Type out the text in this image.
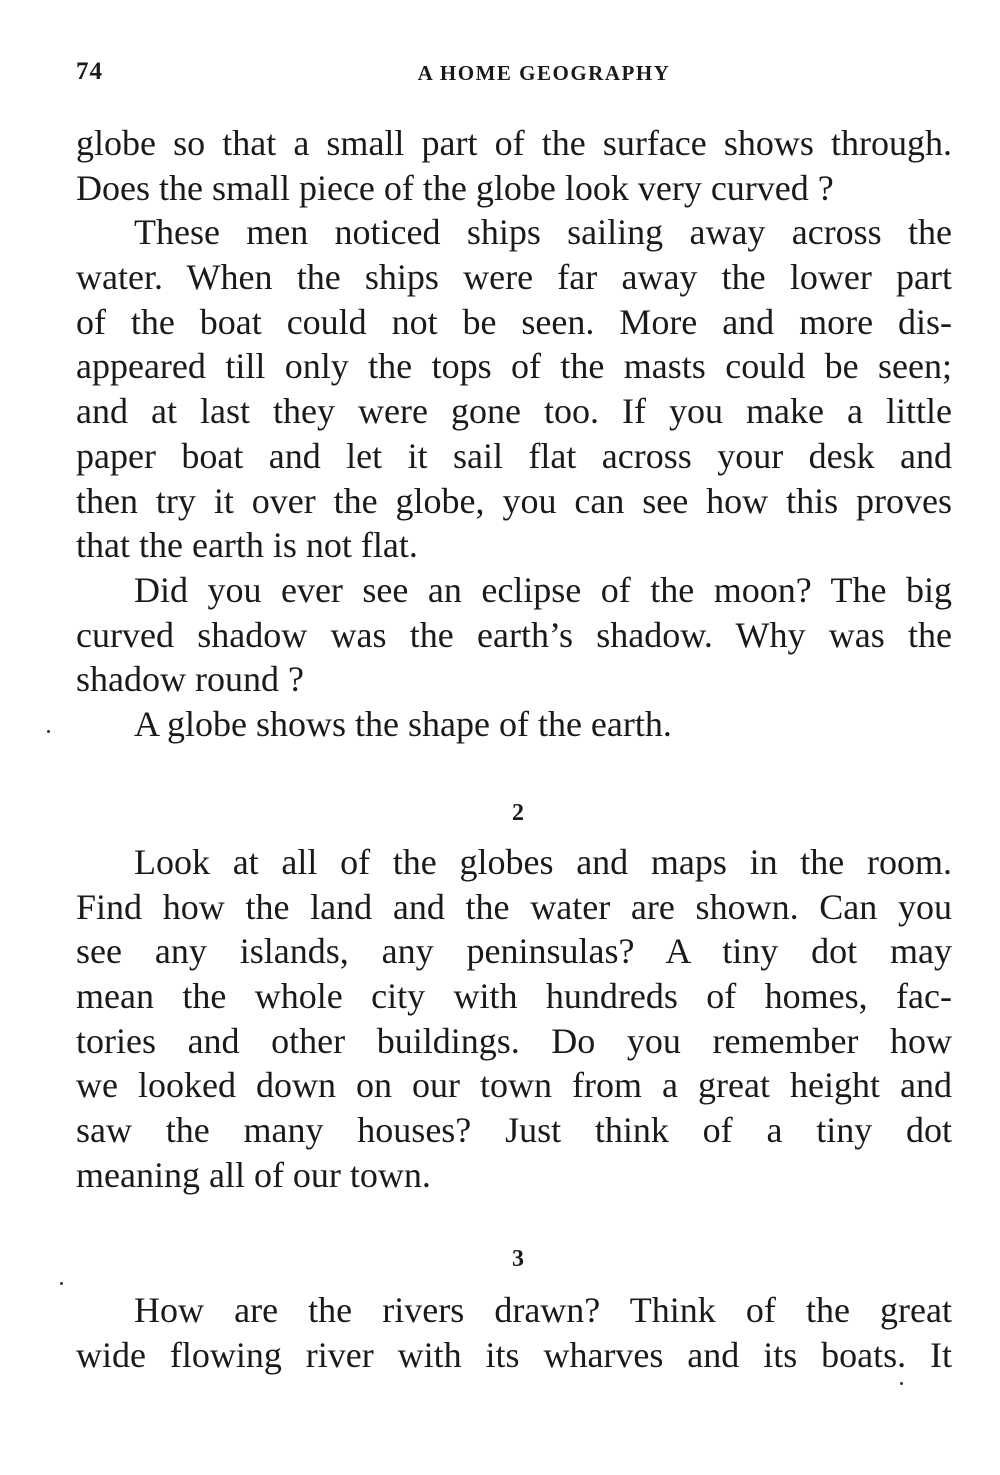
74	A HOME GEOGRAPHY
globe so that a small part of the surface shows through.
Does the small piece of the globe look very curved ?
These men noticed ships sailing away across the
water. When the ships were far away the lower part
of the boat could not be seen. More and more dis-
appeared till only the tops of the masts could be seen;
and at last they were gone too. If you make a little
paper boat and let it sail flat across your desk and
then try it over the globe, you can see how this proves
that the earth is not flat.
Did you ever see an eclipse of the moon? The big
curved shadow was the earth’s shadow. Why was the
shadow round ?
A globe shows the shape of the earth.
2
Look at all of the globes and maps in the room.
Find how the land and the water are shown. Can you
see any islands, any peninsulas? A tiny dot may
mean the whole city with hundreds of homes, fac-
tories and other buildings. Do you remember how
we looked down on our town from a great height and
saw the many houses? Just think of a tiny dot
meaning all of our town.
3
How are the rivers drawn? Think of the great
wide flowing river with its wharves and its boats. It
